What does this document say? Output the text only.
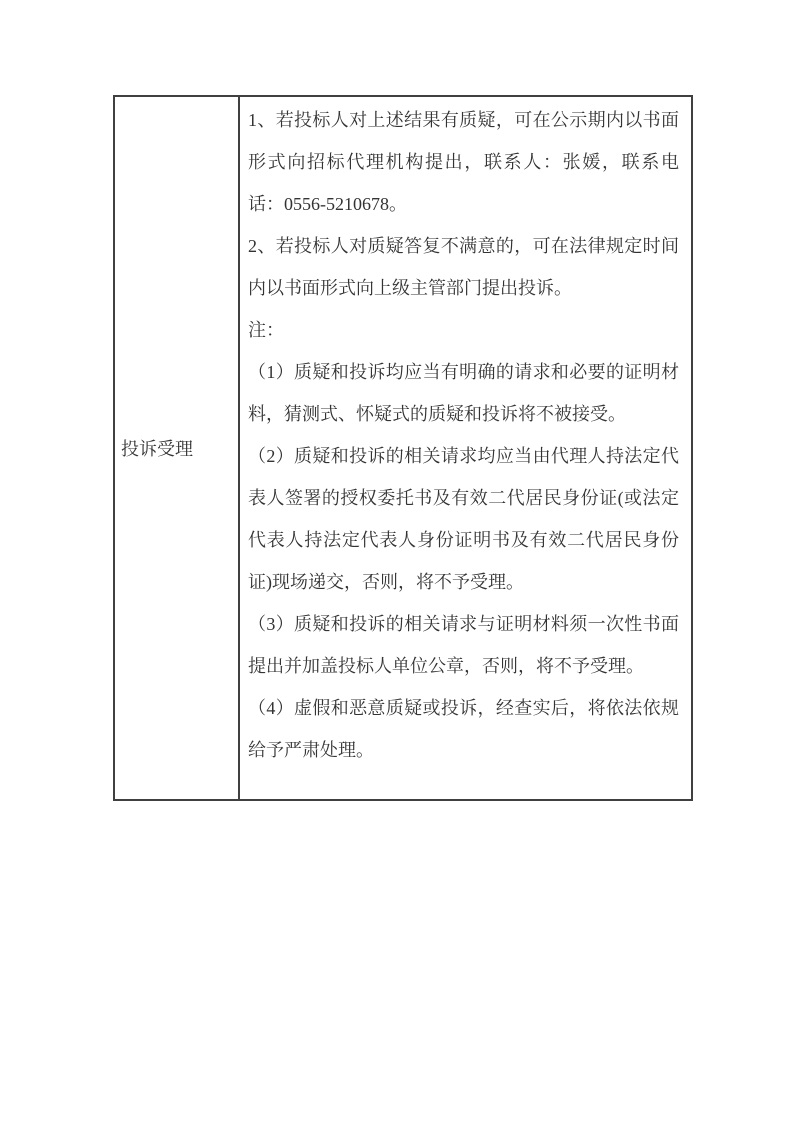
投诉受理

1、若投标人对上述结果有质疑，可在公示期内以书面形式向招标代理机构提出，联系人：张媛，联系电话：0556-5210678。

2、若投标人对质疑答复不满意的，可在法律规定时间内以书面形式向上级主管部门提出投诉。

注：

（1）质疑和投诉均应当有明确的请求和必要的证明材料，猜测式、怀疑式的质疑和投诉将不被接受。

（2）质疑和投诉的相关请求均应当由代理人持法定代表人签署的授权委托书及有效二代居民身份证(或法定代表人持法定代表人身份证明书及有效二代居民身份证)现场递交，否则，将不予受理。

（3）质疑和投诉的相关请求与证明材料须一次性书面提出并加盖投标人单位公章，否则，将不予受理。

（4）虚假和恶意质疑或投诉，经查实后，将依法依规给予严肃处理。
